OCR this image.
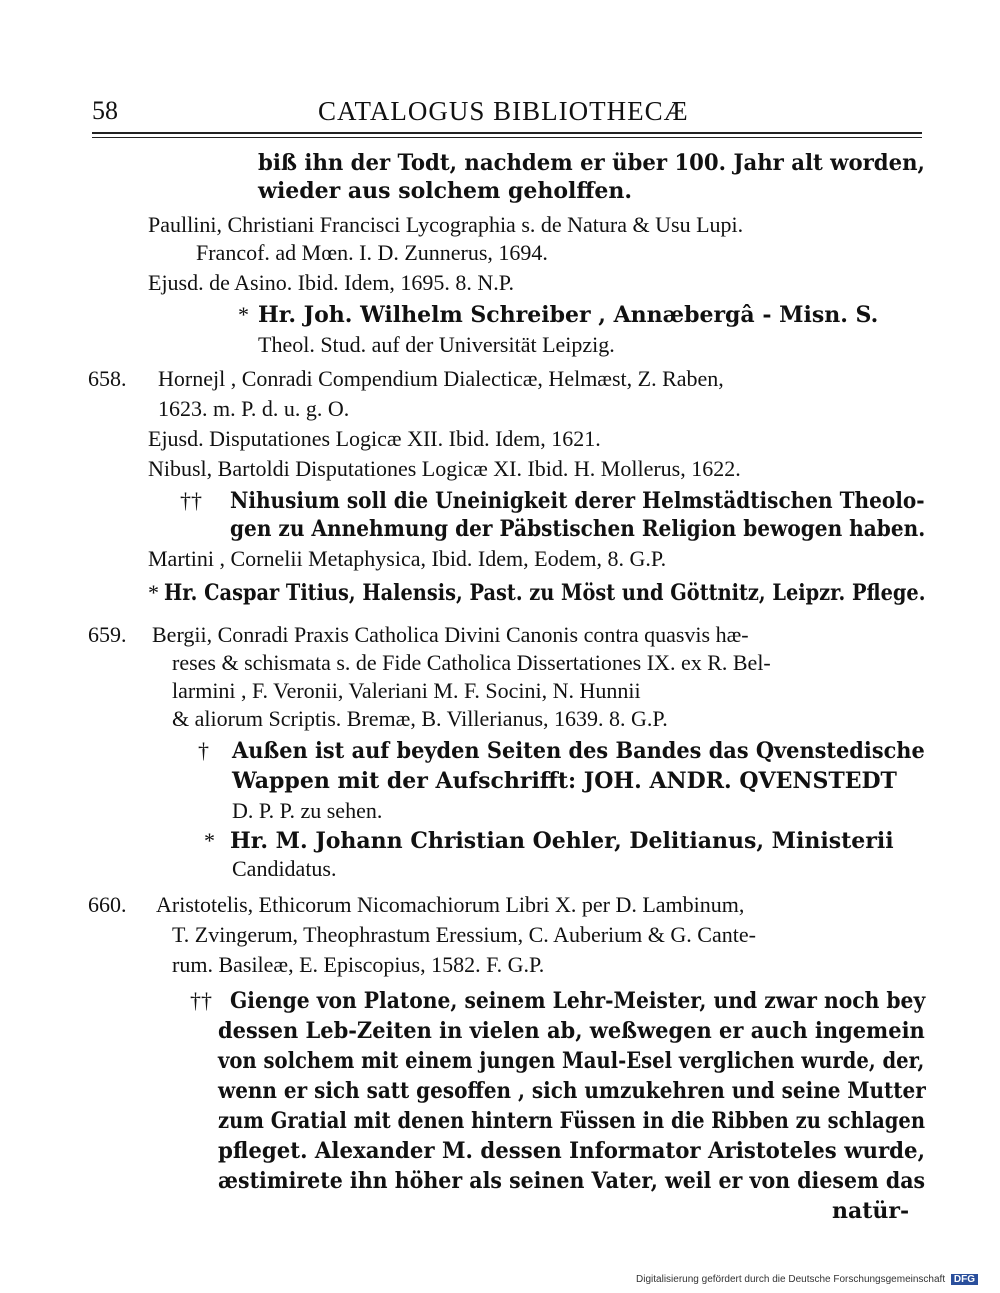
58	CATALOGUS BIBLIOTHECÆ
biß ihn der Todt, nachdem er über 100. Jahr alt worden,
wieder aus solchem geholffen.
Paullini, Christiani Francisci Lycographia s. de Natura & Usu Lupi.
Francof. ad Mœn. I. D. Zunnerus, 1694.
Ejusd. de Asino. Ibid. Idem, 1695. 8. N.P.
* Hr. Joh. Wilhelm Schreiber , Annæbergâ - Misn. S.
Theol. Stud. auf der Universität Leipzig.
658. Hornejl , Conradi Compendium Dialecticæ, Helmæst, Z. Raben,
1623. m. P. d. u. g. O.
Ejusd. Disputationes Logicæ XII. Ibid. Idem, 1621.
Nibusl, Bartoldi Disputationes Logicæ XI. Ibid. H. Mollerus, 1622.
†† Nihusium soll die Uneinigkeit derer Helmstädtischen Theolo-
gen zu Annehmung der Päbstischen Religion bewogen haben.
Martini , Cornelii Metaphysica, Ibid. Idem, Eodem, 8. G.P.
* Hr. Caspar Titius, Halensis, Past. zu Möst und Göttnitz, Leipzr. Pflege.
659. Bergii, Conradi Praxis Catholica Divini Canonis contra quasvis hæ-
reses & schismata s. de Fide Catholica Dissertationes IX. ex R. Bel-
larmini , F. Veronii, Valeriani M. F. Socini, N. Hunnii
& aliorum Scriptis. Bremæ, B. Villerianus, 1639. 8. G.P.
† Außen ist auf beyden Seiten des Bandes das Qvenstedische
Wappen mit der Aufschrifft: JOH. ANDR. QVENSTEDT
D. P. P. zu sehen.
* Hr. M. Johann Christian Oehler, Delitianus, Ministerii
Candidatus.
660. Aristotelis, Ethicorum Nicomachiorum Libri X. per D. Lambinum,
T. Zvingerum, Theophrastum Eressium, C. Auberium & G. Cante-
rum. Basileæ, E. Episcopius, 1582. F. G.P.
†† Gienge von Platone, seinem Lehr-Meister, und zwar noch bey
dessen Leb-Zeiten in vielen ab, weßwegen er auch ingemein
von solchem mit einem jungen Maul-Esel verglichen wurde, der,
wenn er sich satt gesoffen , sich umzukehren und seine Mutter
zum Gratial mit denen hintern Füssen in die Ribben zu schlagen
pfleget. Alexander M. dessen Informator Aristoteles wurde,
æstimirete ihn höher als seinen Vater, weil er von diesem das
natür-
Digitalisierung gefördert durch die Deutsche Forschungsgemeinschaft DFG
